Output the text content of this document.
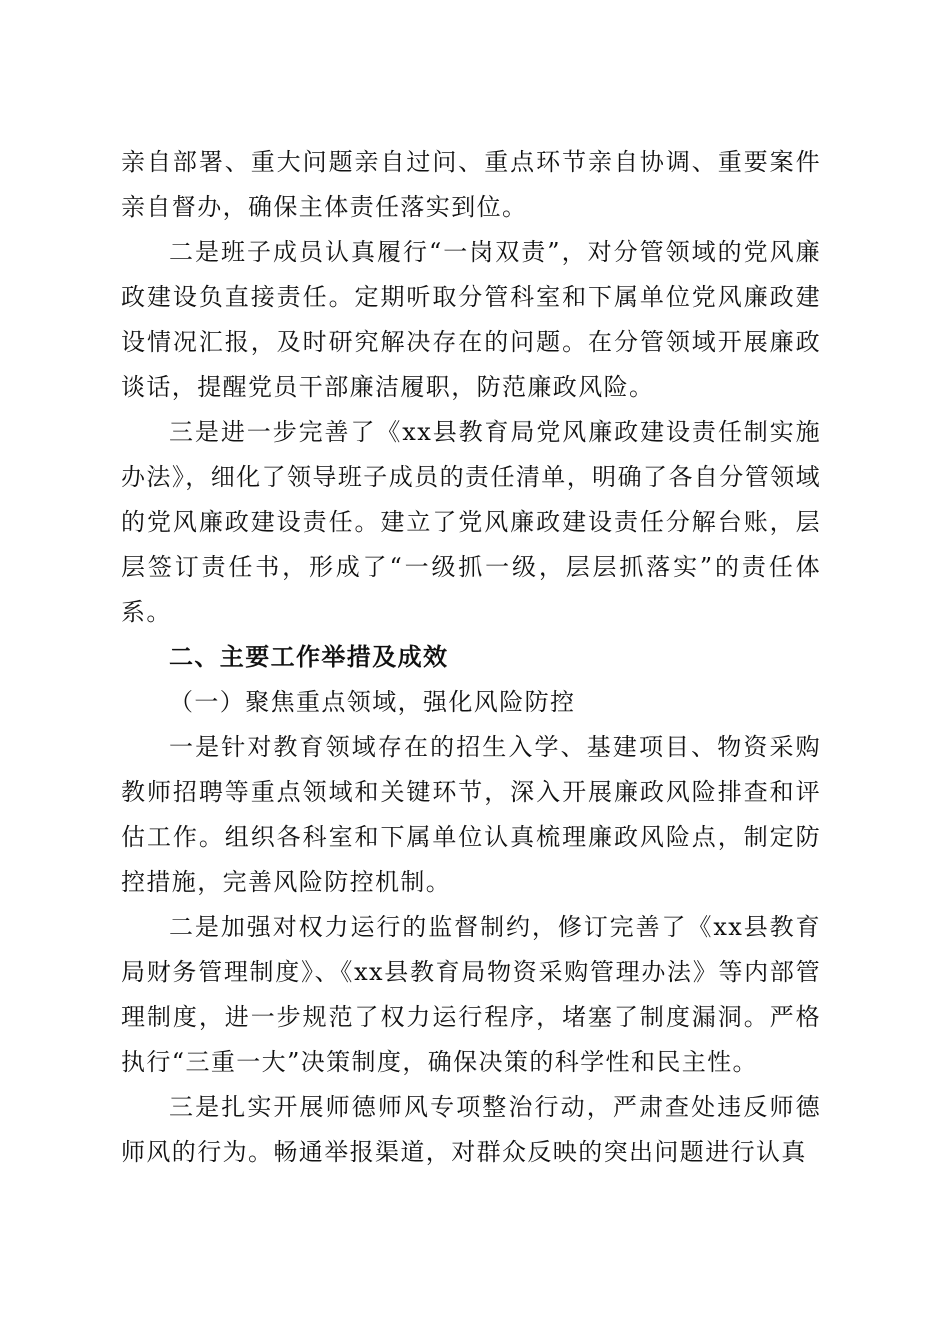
亲自部署、重大问题亲自过问、重点环节亲自协调、重要案件亲自督办，确保主体责任落实到位。

二是班子成员认真履行“一岗双责”，对分管领域的党风廉政建设负直接责任。定期听取分管科室和下属单位党风廉政建设情况汇报，及时研究解决存在的问题。在分管领域开展廉政谈话，提醒党员干部廉洁履职，防范廉政风险。

三是进一步完善了《xx县教育局党风廉政建设责任制实施办法》，细化了领导班子成员的责任清单，明确了各自分管领域的党风廉政建设责任。建立了党风廉政建设责任分解台账，层层签订责任书，形成了“一级抓一级，层层抓落实”的责任体系。

二、主要工作举措及成效

（一）聚焦重点领域，强化风险防控

一是针对教育领域存在的招生入学、基建项目、物资采购教师招聘等重点领域和关键环节，深入开展廉政风险排查和评估工作。组织各科室和下属单位认真梳理廉政风险点，制定防控措施，完善风险防控机制。

二是加强对权力运行的监督制约，修订完善了《xx县教育局财务管理制度》、《xx县教育局物资采购管理办法》等内部管理制度，进一步规范了权力运行程序，堵塞了制度漏洞。严格执行“三重一大”决策制度，确保决策的科学性和民主性。

三是扎实开展师德师风专项整治行动，严肃查处违反师德师风的行为。畅通举报渠道，对群众反映的突出问题进行认真
